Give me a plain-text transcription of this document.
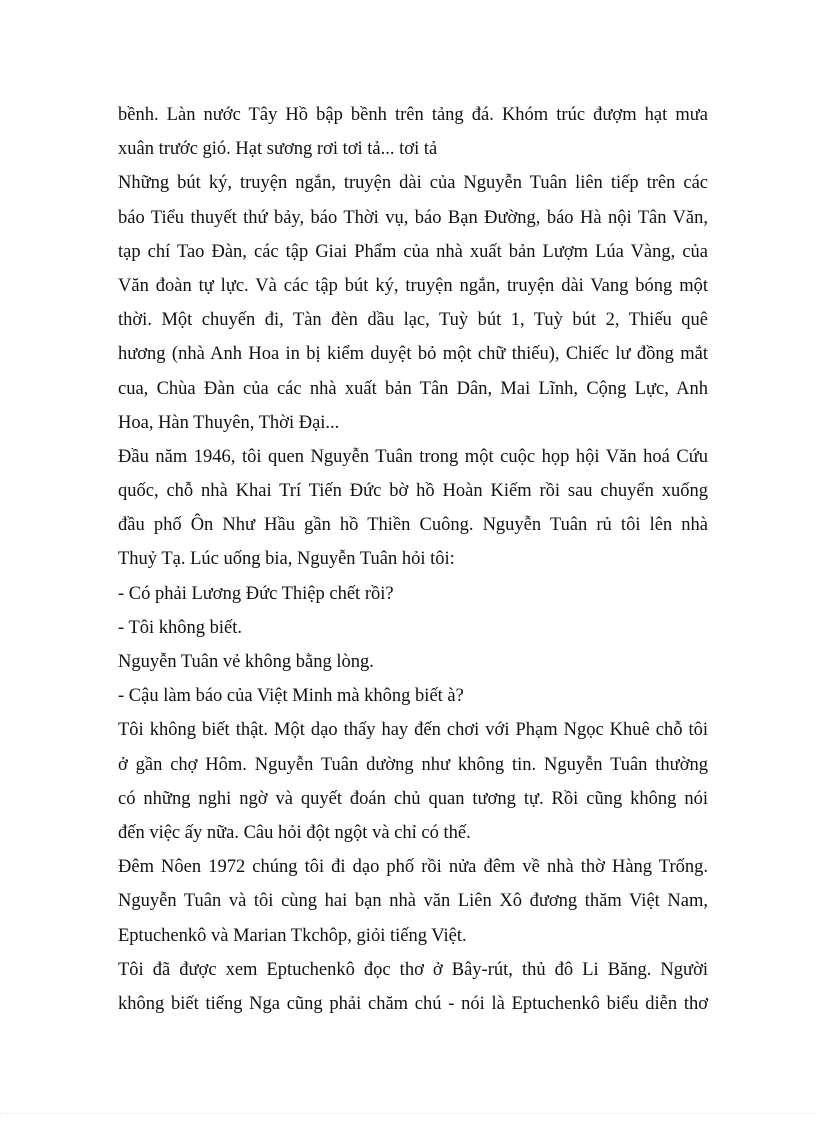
bềnh. Làn nước Tây Hồ bập bềnh trên tảng đá. Khóm trúc đượm hạt mưa
xuân trước gió. Hạt sương rơi tơi tả... tơi tả
Những bút ký, truyện ngắn, truyện dài của Nguyễn Tuân liên tiếp trên các
báo Tiểu thuyết thứ bảy, báo Thời vụ, báo Bạn Đường, báo Hà nội Tân Văn,
tạp chí Tao Đàn, các tập Giai Phẩm của nhà xuất bản Lượm Lúa Vàng, của
Văn đoàn tự lực. Và các tập bút ký, truyện ngắn, truyện dài Vang bóng một
thời. Một chuyến đi, Tàn đèn dầu lạc, Tuỳ bút 1, Tuỳ bút 2, Thiếu quê
hương (nhà Anh Hoa in bị kiểm duyệt bỏ một chữ thiếu), Chiếc lư đồng mắt
cua, Chùa Đàn của các nhà xuất bản Tân Dân, Mai Lĩnh, Cộng Lực, Anh
Hoa, Hàn Thuyên, Thời Đại...
Đầu năm 1946, tôi quen Nguyễn Tuân trong một cuộc họp hội Văn hoá Cứu
quốc, chỗ nhà Khai Trí Tiến Đức bờ hồ Hoàn Kiếm rồi sau chuyển xuống
đầu phố Ôn Như Hầu gần hồ Thiền Cuông. Nguyễn Tuân rủ tôi lên nhà
Thuỷ Tạ. Lúc uống bia, Nguyễn Tuân hỏi tôi:
- Có phải Lương Đức Thiệp chết rồi?
- Tôi không biết.
Nguyễn Tuân vẻ không bằng lòng.
- Cậu làm báo của Việt Minh mà không biết à?
Tôi không biết thật. Một dạo thấy hay đến chơi với Phạm Ngọc Khuê chỗ tôi
ở gần chợ Hôm. Nguyễn Tuân dường như không tin. Nguyễn Tuân thường
có những nghi ngờ và quyết đoán chủ quan tương tự. Rồi cũng không nói
đến việc ấy nữa. Câu hỏi đột ngột và chỉ có thế.
Đêm Nôen 1972 chúng tôi đi dạo phố rồi nửa đêm về nhà thờ Hàng Trống.
Nguyễn Tuân và tôi cùng hai bạn nhà văn Liên Xô đương thăm Việt Nam,
Eptuchenkô và Marian Tkchôp, giỏi tiếng Việt.
Tôi đã được xem Eptuchenkô đọc thơ ở Bây-rút, thủ đô Li Băng. Người
không biết tiếng Nga cũng phải chăm chú - nói là Eptuchenkô biểu diễn thơ
